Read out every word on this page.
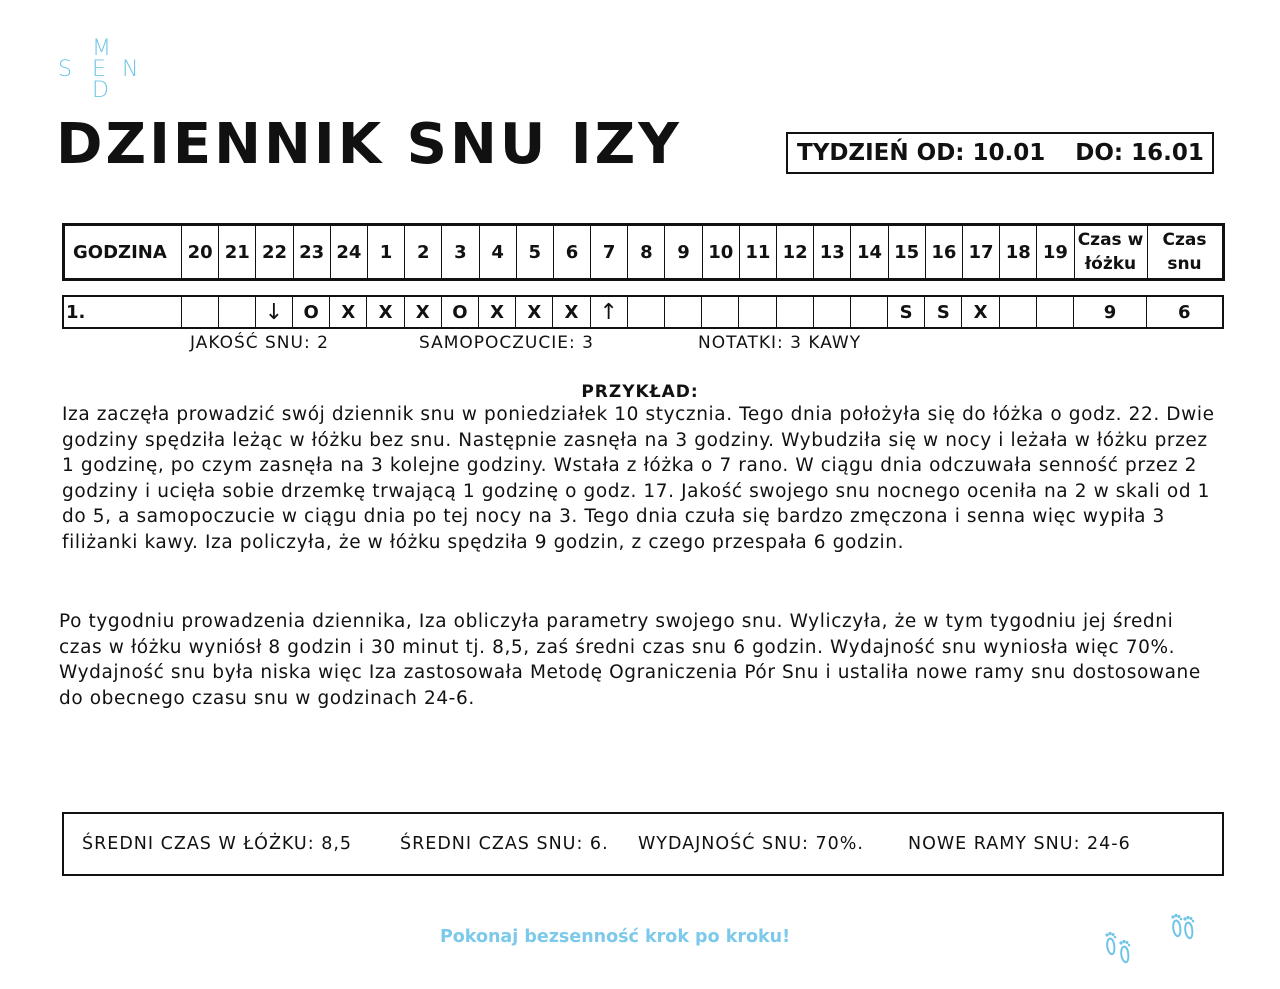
M
S E N
D
DZIENNIK SNU IZY	TYDZIEŃ OD: 10.01 DO: 16.01
GODZINA	20	21	22	23	24	1	2	3	4	5	6	7	8	9	10	11	12	13	14	15	16	17	18	19	Czas w łóżku	Czas snu
1.			↓	O	X	X	X	O	X	X	X	↑								S	S	X			9	6
JAKOŚĆ SNU: 2	SAMOPOCZUCIE: 3	NOTATKI: 3 KAWY
PRZYKŁAD:

Iza zaczęła prowadzić swój dziennik snu w poniedziałek 10 stycznia. Tego dnia położyła się do łóżka o godz. 22. Dwie godziny spędziła leżąc w łóżku bez snu. Następnie zasnęła na 3 godziny. Wybudziła się w nocy i leżała w łóżku przez 1 godzinę, po czym zasnęła na 3 kolejne godziny. Wstała z łóżka o 7 rano. W ciągu dnia odczuwała senność przez 2 godziny i ucięła sobie drzemkę trwającą 1 godzinę o godz. 17. Jakość swojego snu nocnego oceniła na 2 w skali od 1 do 5, a samopoczucie w ciągu dnia po tej nocy na 3. Tego dnia czuła się bardzo zmęczona i senna więc wypiła 3 filiżanki kawy. Iza policzyła, że w łóżku spędziła 9 godzin, z czego przespała 6 godzin.

Po tygodniu prowadzenia dziennika, Iza obliczyła parametry swojego snu. Wyliczyła, że w tym tygodniu jej średni czas w łóżku wyniósł 8 godzin i 30 minut tj. 8,5, zaś średni czas snu 6 godzin. Wydajność snu wyniosła więc 70%. Wydajność snu była niska więc Iza zastosowała Metodę Ograniczenia Pór Snu i ustaliła nowe ramy snu dostosowane do obecnego czasu snu w godzinach 24-6.

ŚREDNI CZAS W ŁÓŻKU: 8,5	ŚREDNI CZAS SNU: 6. WYDAJNOŚĆ SNU: 70%.	NOWE RAMY SNU: 24-6
Pokonaj bezsenność krok po kroku!
